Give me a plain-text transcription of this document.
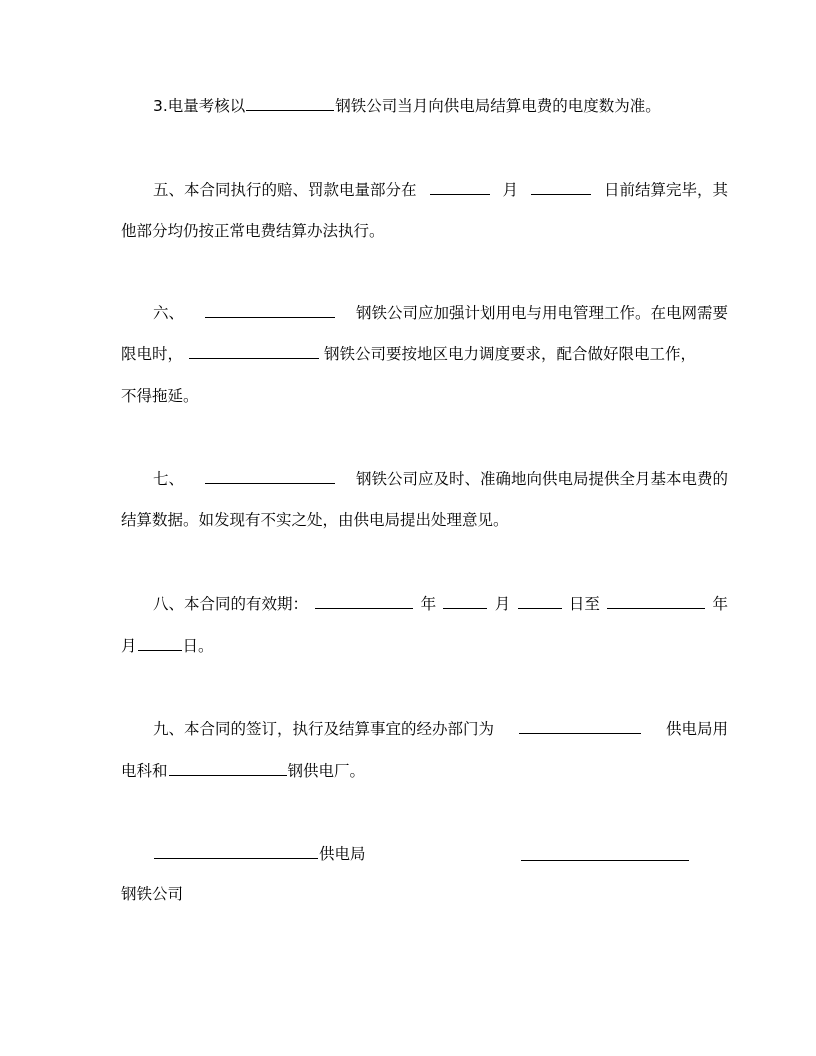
3.电量考核以	钢铁公司当月向供电局结算电费的电度数为准。
五、本合同执行的赔、罚款电量部分在	月	日前结算完毕，其
他部分均仍按正常电费结算办法执行。
六、	钢铁公司应加强计划用电与用电管理工作。在电网需要
限电时，	钢铁公司要按地区电力调度要求，配合做好限电工作，
不得拖延。
七、	钢铁公司应及时、准确地向供电局提供全月基本电费的
结算数据。如发现有不实之处，由供电局提出处理意见。
八、本合同的有效期：	年	月	日至	年
月	日。
九、本合同的签订，执行及结算事宜的经办部门为	供电局用
电科和	钢供电厂。
供电局
钢铁公司
